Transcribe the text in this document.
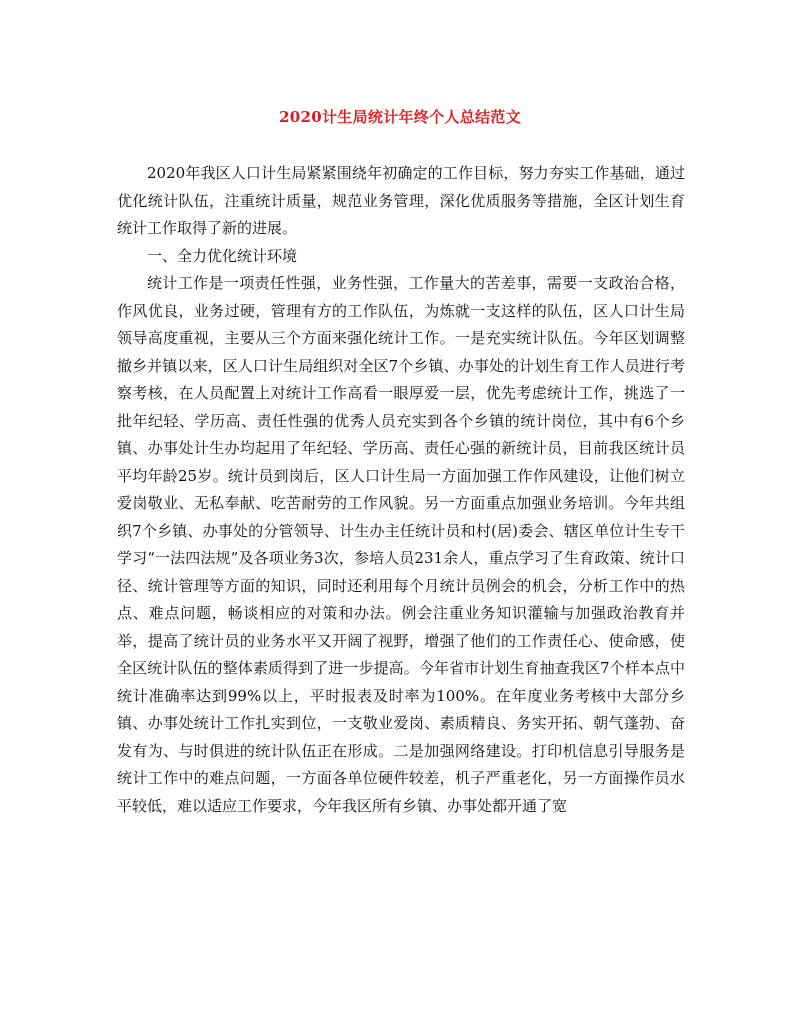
2020计生局统计年终个人总结范文

2020年我区人口计生局紧紧围绕年初确定的工作目标，努力夯实工作基础，通过优化统计队伍，注重统计质量，规范业务管理，深化优质服务等措施，全区计划生育统计工作取得了新的进展。

一、全力优化统计环境

统计工作是一项责任性强，业务性强，工作量大的苦差事，需要一支政治合格，作风优良，业务过硬，管理有方的工作队伍，为炼就一支这样的队伍，区人口计生局领导高度重视，主要从三个方面来强化统计工作。一是充实统计队伍。今年区划调整撤乡并镇以来，区人口计生局组织对全区7个乡镇、办事处的计划生育工作人员进行考察考核，在人员配置上对统计工作高看一眼厚爱一层，优先考虑统计工作，挑选了一批年纪轻、学历高、责任性强的优秀人员充实到各个乡镇的统计岗位，其中有6个乡镇、办事处计生办均起用了年纪轻、学历高、责任心强的新统计员，目前我区统计员平均年龄25岁。统计员到岗后，区人口计生局一方面加强工作作风建设，让他们树立爱岗敬业、无私奉献、吃苦耐劳的工作风貌。另一方面重点加强业务培训。今年共组织7个乡镇、办事处的分管领导、计生办主任统计员和村(居)委会、辖区单位计生专干学习“一法四法规”及各项业务3次，参培人员231余人，重点学习了生育政策、统计口径、统计管理等方面的知识，同时还利用每个月统计员例会的机会，分析工作中的热点、难点问题，畅谈相应的对策和办法。例会注重业务知识灌输与加强政治教育并举，提高了统计员的业务水平又开阔了视野，增强了他们的工作责任心、使命感，使全区统计队伍的整体素质得到了进一步提高。今年省市计划生育抽查我区7个样本点中统计准确率达到99%以上，平时报表及时率为100%。在年度业务考核中大部分乡镇、办事处统计工作扎实到位，一支敬业爱岗、素质精良、务实开拓、朝气蓬勃、奋发有为、与时俱进的统计队伍正在形成。二是加强网络建设。打印机信息引导服务是统计工作中的难点问题，一方面各单位硬件较差，机子严重老化，另一方面操作员水平较低，难以适应工作要求，今年我区所有乡镇、办事处都开通了宽
